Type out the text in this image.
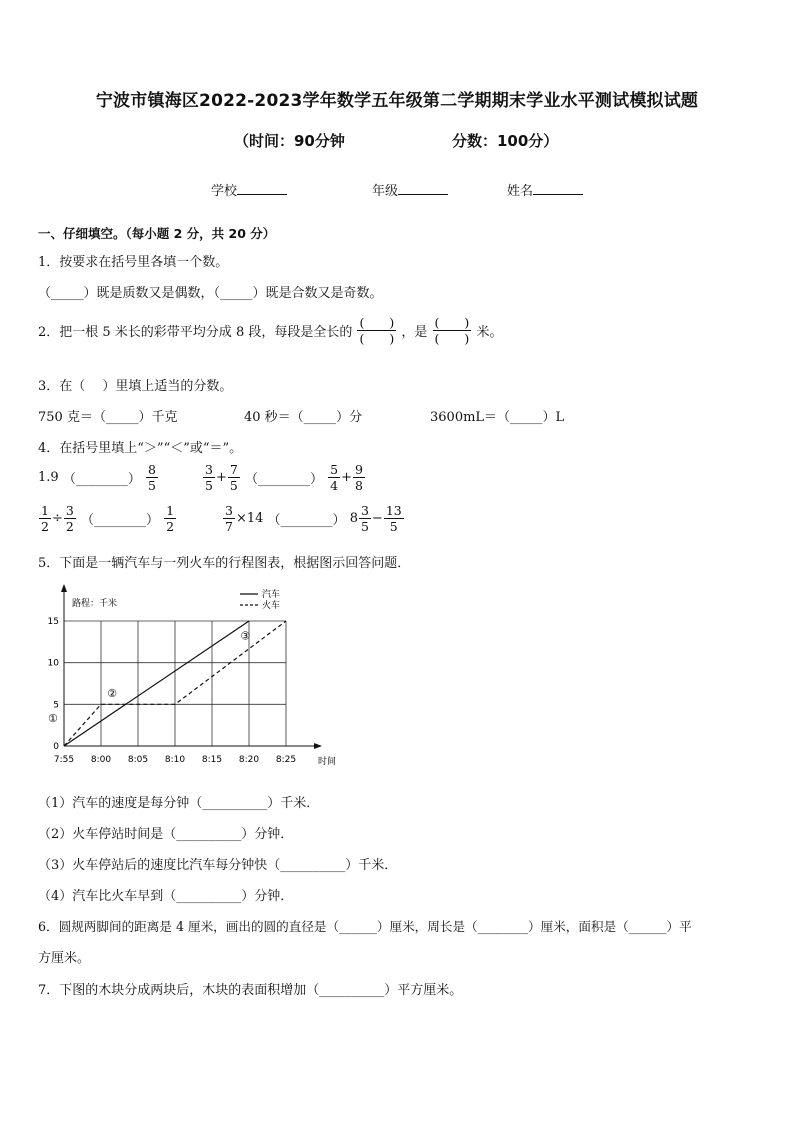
宁波市镇海区2022-2023学年数学五年级第二学期期末学业水平测试模拟试题
（时间：90分钟	分数：100分）
学校	年级	姓名
一、仔细填空。（每小题 2 分，共 20 分）
1．按要求在括号里各填一个数。
（_____）既是质数又是偶数，（_____）既是合数又是奇数。
2．把一根 5 米长的彩带平均分成 8 段，每段是全长的 $\frac{( )}{( )}$ ，是 $\frac{( )}{( )}$ 米。
3．在（　 ）里填上适当的分数。
750 克＝（_____）千克	40 秒＝（_____）分	3600mL＝（_____）L
4．在括号里填上“＞”“＜”或“＝”。
1.9 （________） $\frac{8}{5}$	$\frac{3}{5} + \frac{7}{5}$ （________） $\frac{5}{4} + \frac{9}{8}$
$\frac{1}{2} \div \frac{3}{2}$ （________） $\frac{1}{2}$	$\frac{3}{7} \times 14$ （________） $8 \frac{3}{5} - \frac{13}{5}$
5．下面是一辆汽车与一列火车的行程图表，根据图示回答问题．
7:55 8:00 8:05 8:10 8:15 8:20 8:25
0
5
10
15
路程：千米
时间
汽车
火车
①
②
③
（1）汽车的速度是每分钟（__________）千米．
（2）火车停站时间是（__________）分钟．
（3）火车停站后的速度比汽车每分钟快（__________）千米．
（4）汽车比火车早到（__________）分钟．
6．圆规两脚间的距离是 4 厘米，画出的圆的直径是（______）厘米，周长是（________）厘米，面积是（______）平
方厘米。
7．下图的木块分成两块后，木块的表面积增加（__________）平方厘米。
